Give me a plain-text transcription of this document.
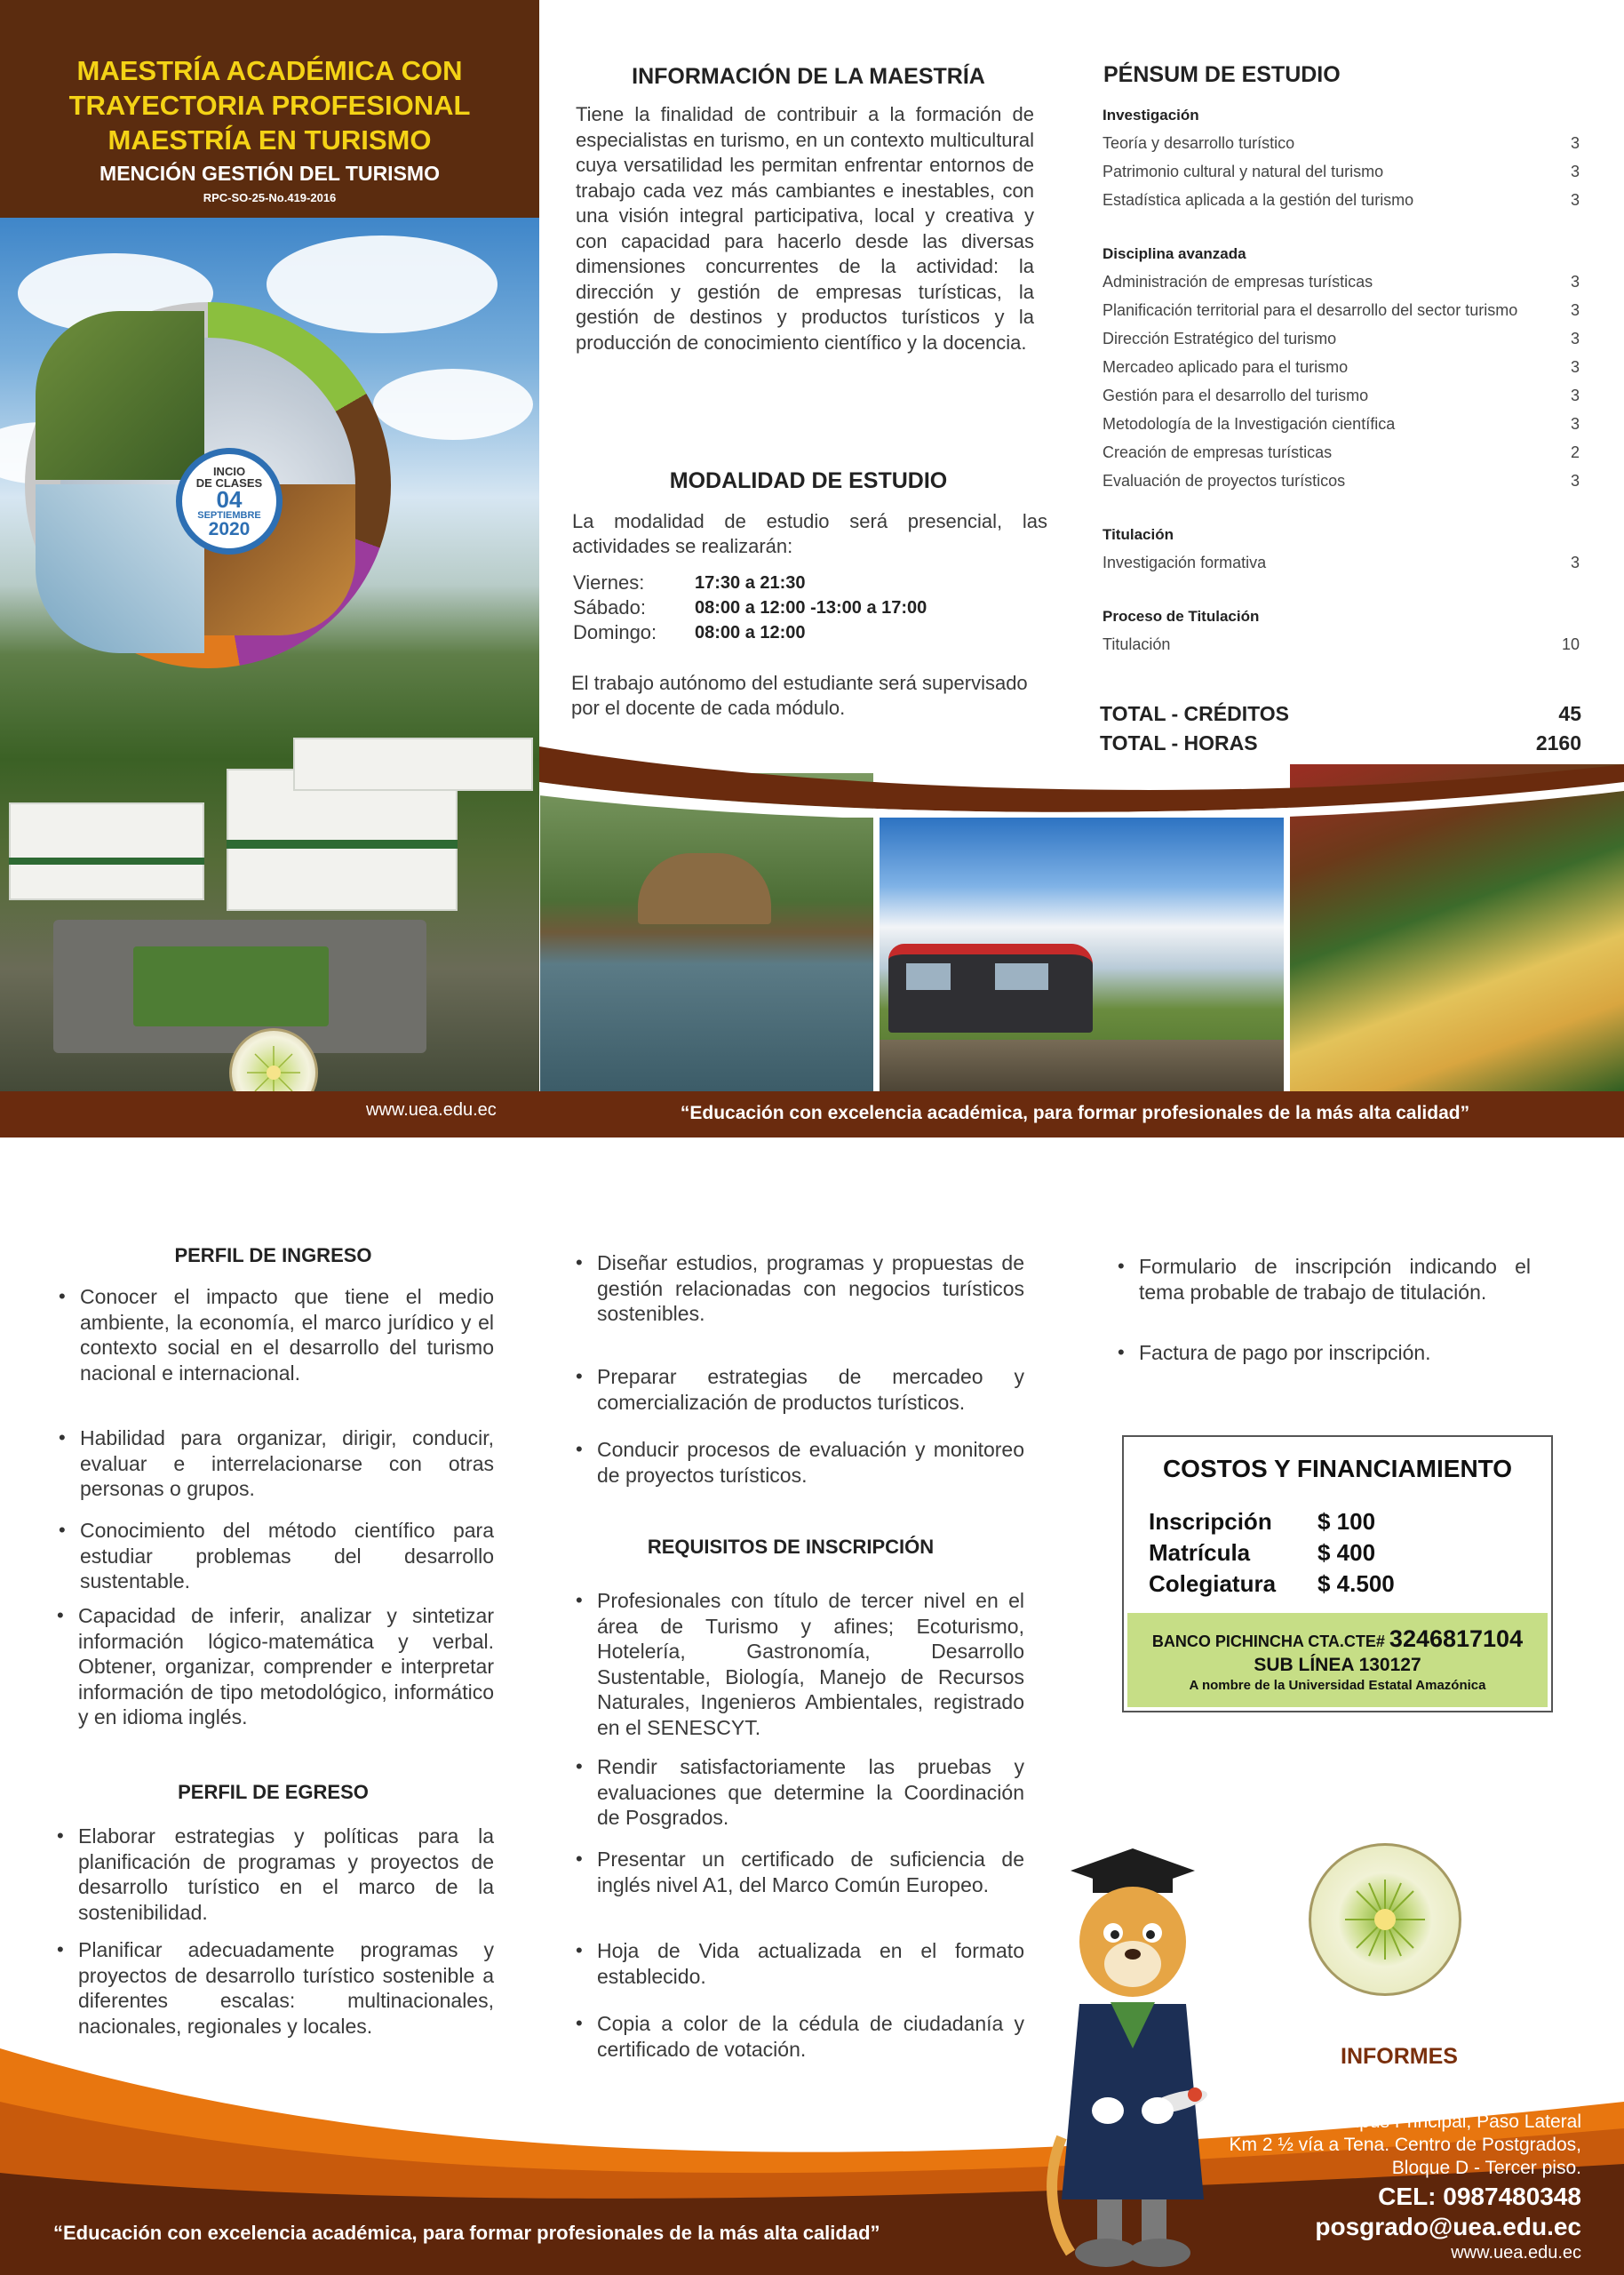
MAESTRÍA ACADÉMICA CON
TRAYECTORIA PROFESIONAL
MAESTRÍA EN TURISMO
MENCIÓN GESTIÓN DEL TURISMO
RPC-SO-25-No.419-2016
INCIO
DE CLASES
04
SEPTIEMBRE
2020
INFORMACIÓN DE LA MAESTRÍA
Tiene la finalidad de contribuir a la formación de especialistas en turismo, en un contexto multicultural cuya versatilidad les permitan enfrentar entornos de trabajo cada vez más cambiantes e inestables, con una visión integral participativa, local y creativa y con capacidad para hacerlo desde las diversas dimensiones concurrentes de la actividad: la dirección y gestión de empresas turísticas, la gestión de destinos y productos turísticos y la producción de conocimiento científico y la docencia.
MODALIDAD DE ESTUDIO
La modalidad de estudio será presencial, las actividades se realizarán:
Viernes:	17:30 a 21:30
Sábado:	08:00 a 12:00 -13:00 a 17:00
Domingo: 08:00 a 12:00
El trabajo autónomo del estudiante será supervisado por el docente de cada módulo.
PÉNSUM DE ESTUDIO
Investigación
Teoría y desarrollo turístico	3
Patrimonio cultural y natural del turismo	3
Estadística aplicada a la gestión del turismo	3
Disciplina avanzada
Administración de empresas turísticas	3
Planificación territorial para el desarrollo del sector turismo	3
Dirección Estratégico del turismo	3
Mercadeo aplicado para el turismo	3
Gestión para el desarrollo del turismo	3
Metodología de la Investigación científica	3
Creación de empresas turísticas	2
Evaluación de proyectos turísticos	3
Titulación
Investigación formativa	3
Proceso de Titulación
Titulación	10
TOTAL - CRÉDITOS	45
TOTAL - HORAS	2160
www.uea.edu.ec	“Educación con excelencia académica, para formar profesionales de la más alta calidad”
PERFIL DE INGRESO
• Conocer el impacto que tiene el medio ambiente, la economía, el marco jurídico y el contexto social en el desarrollo del turismo nacional e internacional.
• Habilidad para organizar, dirigir, conducir, evaluar e interrelacionarse con otras personas o grupos.
• Conocimiento del método científico para estudiar problemas del desarrollo sustentable.
• Capacidad de inferir, analizar y sintetizar información lógico-matemática y verbal. Obtener, organizar, comprender e interpretar información de tipo metodológico, informático y en idioma inglés.
PERFIL DE EGRESO
• Elaborar estrategias y políticas para la planificación de programas y proyectos de desarrollo turístico en el marco de la sostenibilidad.
• Planificar adecuadamente programas y proyectos de desarrollo turístico sostenible a diferentes escalas: multinacionales, nacionales, regionales y locales.
• Diseñar estudios, programas y propuestas de gestión relacionadas con negocios turísticos sostenibles.
• Preparar estrategias de mercadeo y comercialización de productos turísticos.
• Conducir procesos de evaluación y monitoreo de proyectos turísticos.
REQUISITOS DE INSCRIPCIÓN
• Profesionales con título de tercer nivel en el área de Turismo y afines; Ecoturismo, Hotelería, Gastronomía, Desarrollo Sustentable, Biología, Manejo de Recursos Naturales, Ingenieros Ambientales, registrado en el SENESCYT.
• Rendir satisfactoriamente las pruebas y evaluaciones que determine la Coordinación de Posgrados.
• Presentar un certificado de suficiencia de inglés nivel A1, del Marco Común Europeo.
• Hoja de Vida actualizada en el formato establecido.
• Copia a color de la cédula de ciudadanía y certificado de votación.
• Formulario de inscripción indicando el tema probable de trabajo de titulación.
• Factura de pago por inscripción.
COSTOS Y FINANCIAMIENTO
Inscripción $ 100
Matrícula	$ 400
Colegiatura $ 4.500
BANCO PICHINCHA CTA.CTE# 3246817104
SUB LÍNEA 130127
A nombre de la Universidad Estatal Amazónica
INFORMES
“Educación con excelencia académica, para formar profesionales de la más alta calidad”
UEA-Campus Principal, Paso Lateral
Km 2 ½ vía a Tena. Centro de Postgrados,
Bloque D - Tercer piso.
CEL: 0987480348
posgrado@uea.edu.ec
www.uea.edu.ec
